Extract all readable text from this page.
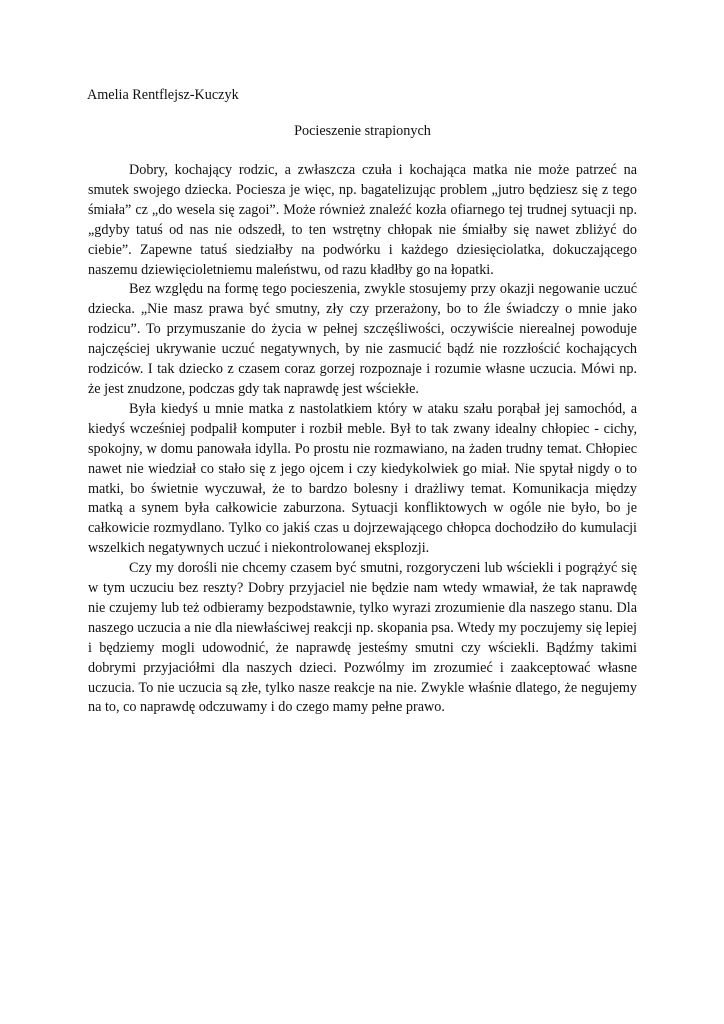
Amelia Rentflejsz-Kuczyk

Pocieszenie strapionych

Dobry, kochający rodzic, a zwłaszcza czuła i kochająca matka nie może patrzeć na smutek swojego dziecka. Pociesza je więc, np. bagatelizując problem „jutro będziesz się z tego śmiała” cz „do wesela się zagoi”. Może również znaleźć kozła ofiarnego tej trudnej sytuacji np. „gdyby tatuś od nas nie odszedł, to ten wstrętny chłopak nie śmiałby się nawet zbliżyć do ciebie”. Zapewne tatuś siedziałby na podwórku i każdego dziesięciolatka, dokuczającego naszemu dziewięcioletniemu maleństwu, od razu kładłby go na łopatki.

Bez względu na formę tego pocieszenia, zwykle stosujemy przy okazji negowanie uczuć dziecka. „Nie masz prawa być smutny, zły czy przerażony, bo to źle świadczy o mnie jako rodzicu”. To przymuszanie do życia w pełnej szczęśliwości, oczywiście nierealnej powoduje najczęściej ukrywanie uczuć negatywnych, by nie zasmucić bądź nie rozzłościć kochających rodziców. I tak dziecko z czasem coraz gorzej rozpoznaje i rozumie własne uczucia. Mówi np. że jest znudzone, podczas gdy tak naprawdę jest wściekłe.

Była kiedyś u mnie matka z nastolatkiem który w ataku szału porąbał jej samochód, a kiedyś wcześniej podpalił komputer i rozbił meble. Był to tak zwany idealny chłopiec - cichy, spokojny, w domu panowała idylla. Po prostu nie rozmawiano, na żaden trudny temat. Chłopiec nawet nie wiedział co stało się z jego ojcem i czy kiedykolwiek go miał. Nie spytał nigdy o to matki, bo świetnie wyczuwał, że to bardzo bolesny i drażliwy temat. Komunikacja między matką a synem była całkowicie zaburzona. Sytuacji konfliktowych w ogóle nie było, bo je całkowicie rozmydlano. Tylko co jakiś czas u dojrzewającego chłopca dochodziło do kumulacji wszelkich negatywnych uczuć i niekontrolowanej eksplozji.

Czy my dorośli nie chcemy czasem być smutni, rozgoryczeni lub wściekli i pogrążyć się w tym uczuciu bez reszty? Dobry przyjaciel nie będzie nam wtedy wmawiał, że tak naprawdę nie czujemy lub też odbieramy bezpodstawnie, tylko wyrazi zrozumienie dla naszego stanu. Dla naszego uczucia a nie dla niewłaściwej reakcji np. skopania psa. Wtedy my poczujemy się lepiej i będziemy mogli udowodnić, że naprawdę jesteśmy smutni czy wściekli. Bądźmy takimi dobrymi przyjaciółmi dla naszych dzieci. Pozwólmy im zrozumieć i zaakceptować własne uczucia. To nie uczucia są złe, tylko nasze reakcje na nie. Zwykle właśnie dlatego, że negujemy na to, co naprawdę odczuwamy i do czego mamy pełne prawo.
